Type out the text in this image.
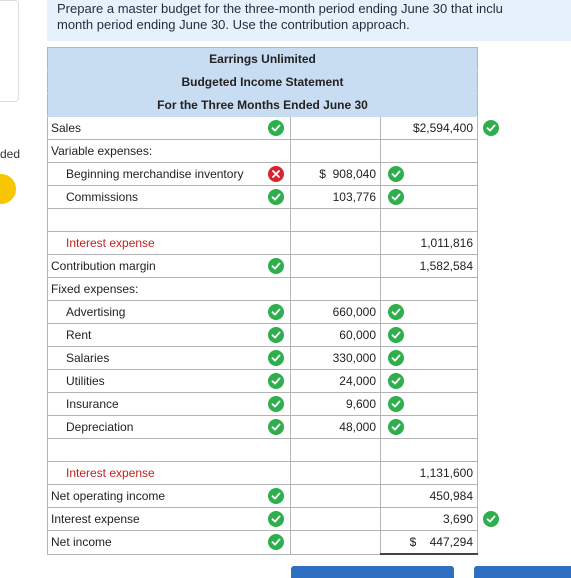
ded
Prepare a master budget for the three-month period ending June 30 that inclu
month period ending June 30. Use the contribution approach.
Earrings Unlimited		
Budgeted Income Statement		
For the Three Months Ended June 30		
Sales		$2,594,400

Variable expenses:		
Beginning merchandise inventory	$  908,040

Commissions	103,776

Interest expense		1,011,816
Contribution margin		1,582,584
Fixed expenses:		
Advertising	660,000

Rent	60,000

Salaries	330,000

Utilities	24,000

Insurance	9,600

Depreciation	48,000

Interest expense		1,131,600
Net operating income		450,984
Interest expense		3,690

Net income		$    447,294
